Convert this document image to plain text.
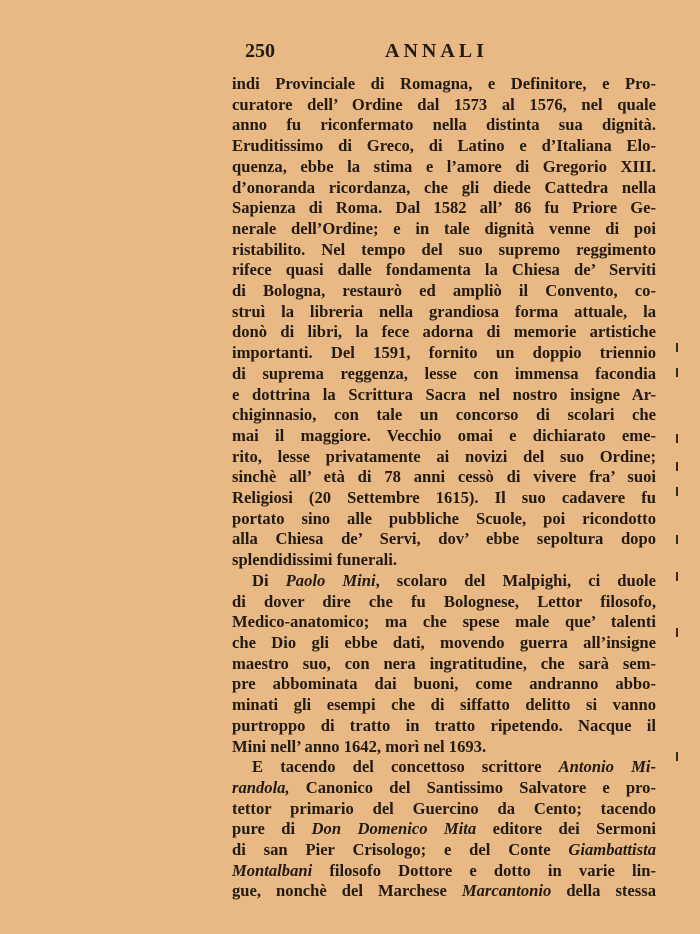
250	ANNALI
indi Provinciale di Romagna, e Definitore, e Pro-
curatore dell’ Ordine dal 1573 al 1576, nel quale
anno fu riconfermato nella distinta sua dignità.
Eruditissimo di Greco, di Latino e d’Italiana Elo-
quenza, ebbe la stima e l’amore di Gregorio XIII.
d’onoranda ricordanza, che gli diede Cattedra nella
Sapienza di Roma. Dal 1582 all’ 86 fu Priore Ge-
nerale dell’Ordine; e in tale dignità venne di poi
ristabilito. Nel tempo del suo supremo reggimento
rifece quasi dalle fondamenta la Chiesa de’ Serviti
di Bologna, restaurò ed ampliò il Convento, co-
struì la libreria nella grandiosa forma attuale, la
donò di libri, la fece adorna di memorie artistiche
importanti. Del 1591, fornito un doppio triennio
di suprema reggenza, lesse con immensa facondia
e dottrina la Scrittura Sacra nel nostro insigne Ar-
chiginnasio, con tale un concorso di scolari che
mai il maggiore. Vecchio omai e dichiarato eme-
rito, lesse privatamente ai novizi del suo Ordine;
sinchè all’ età di 78 anni cessò di vivere fra’ suoi
Religiosi (20 Settembre 1615). Il suo cadavere fu
portato sino alle pubbliche Scuole, poi ricondotto
alla Chiesa de’ Servi, dov’ ebbe sepoltura dopo
splendidissimi funerali.
Di Paolo Mini, scolaro del Malpighi, ci duole
di dover dire che fu Bolognese, Lettor filosofo,
Medico-anatomico; ma che spese male que’ talenti
che Dio gli ebbe dati, movendo guerra all’insigne
maestro suo, con nera ingratitudine, che sarà sem-
pre abbominata dai buoni, come andranno abbo-
minati gli esempi che di siffatto delitto si vanno
purtroppo di tratto in tratto ripetendo. Nacque il
Mini nell’ anno 1642, morì nel 1693.
E tacendo del concettoso scrittore Antonio Mi-
randola, Canonico del Santissimo Salvatore e pro-
tettor primario del Guercino da Cento; tacendo
pure di Don Domenico Mita editore dei Sermoni
di san Pier Crisologo; e del Conte Giambattista
Montalbani filosofo Dottore e dotto in varie lin-
gue, nonchè del Marchese Marcantonio della stessa
